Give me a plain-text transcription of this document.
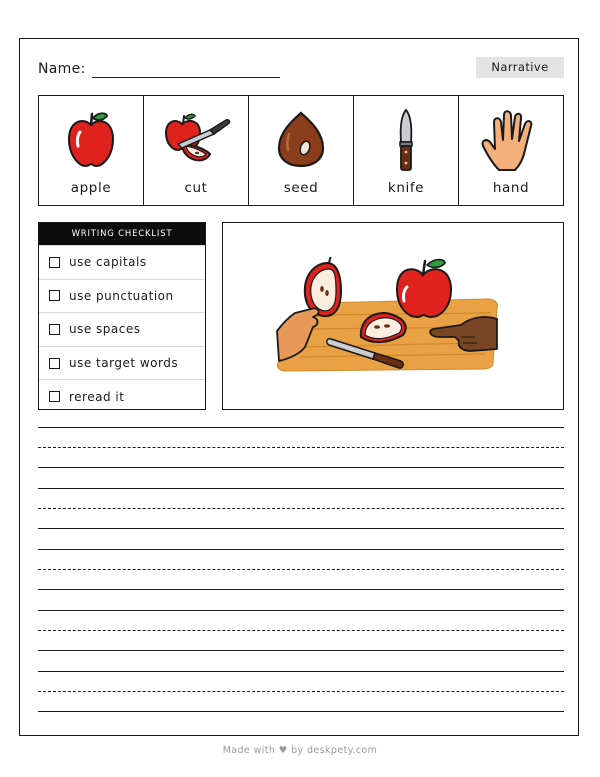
Name:	Narrative
apple	cut	seed	knife	hand
WRITING CHECKLIST
use capitals
use punctuation
use spaces
use target words
reread it
Made with ♥ by deskpety.com
